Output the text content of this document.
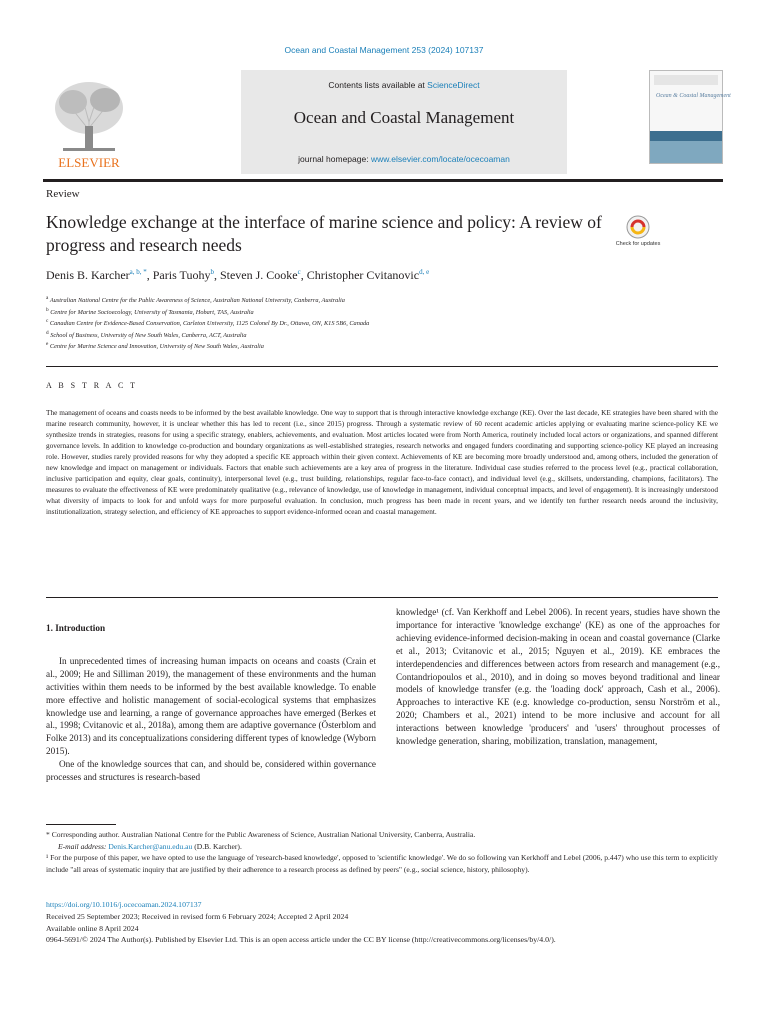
Ocean and Coastal Management 253 (2024) 107137
ELSEVIER
Contents lists available at ScienceDirect
Ocean and Coastal Management
journal homepage: www.elsevier.com/locate/ocecoaman
Ocean & Coastal Management
Review
Knowledge exchange at the interface of marine science and policy: A review of progress and research needs	Check for updates
Denis B. Karcher$^{a, b, *}$, Paris Tuohy$^b$, Steven J. Cooke$^c$, Christopher Cvitanovic$^{d, e}$
$^a$ Australian National Centre for the Public Awareness of Science, Australian National University, Canberra, Australia
$^b$ Centre for Marine Socioecology, University of Tasmania, Hobart, TAS, Australia
$^c$ Canadian Centre for Evidence-Based Conservation, Carleton University, 1125 Colonel By Dr., Ottawa, ON, K1S 5B6, Canada
$^d$ School of Business, University of New South Wales, Canberra, ACT, Australia
$^e$ Centre for Marine Science and Innovation, University of New South Wales, Australia
A B S T R A C T
The management of oceans and coasts needs to be informed by the best available knowledge. One way to support that is through interactive knowledge exchange (KE). Over the last decade, KE strategies have been shared with the marine research community, however, it is unclear whether this has led to recent (i.e., since 2015) progress. Through a systematic review of 60 recent academic articles applying or evaluating marine science-policy KE we synthesize trends in strategies, reasons for using a specific strategy, enablers, achievements, and evaluation. Most articles located were from North America, routinely included local actors or organizations, and spanned different governance levels. In addition to knowledge co-production and boundary organizations as well-established strategies, research networks and engaged funders coordinating and supporting science-policy KE played an increasing role. However, studies rarely provided reasons for why they adopted a specific KE approach within their given context. Achievements of KE are becoming more broadly understood and, among others, included the generation of new knowledge and impact on management or individuals. Factors that enable such achievements are a key area of progress in the literature. Individual case studies referred to the process level (e.g., practical collaboration, inclusive participation and equity, clear goals, continuity), interpersonal level (e.g., trust building, relationships, regular face-to-face contact), and individual level (e.g., skillsets, understanding, champions, facilitators). The measures to evaluate the effectiveness of KE were predominately qualitative (e.g., relevance of knowledge, use of knowledge in management, individual conceptual impacts, and level of engagement). It is increasingly understood what diversity of impacts to look for and unfold ways for more purposeful evaluation. In conclusion, much progress has been made in recent years, and we identify ten further research needs around the inclusivity, institutionalization, strategy selection, and efficiency of KE approaches to support evidence-informed ocean and coastal management.
1. Introduction

In unprecedented times of increasing human impacts on oceans and coasts (Crain et al., 2009; He and Silliman 2019), the management of these environments and the human activities within them needs to be informed by the best available knowledge. To enable more effective and holistic management of social-ecological systems that emphasizes knowledge use and learning, a range of governance approaches have emerged (Berkes et al., 1998; Cvitanovic et al., 2018a), among them are adaptive governance (Österblom and Folke 2013) and its conceptualizations considering different types of knowledge (Wyborn 2015).

One of the knowledge sources that can, and should be, considered within governance processes and structures is research-based

knowledge¹ (cf. Van Kerkhoff and Lebel 2006). In recent years, studies have shown the importance for interactive 'knowledge exchange' (KE) as one of the approaches for achieving evidence-informed decision-making in ocean and coastal governance (Clarke et al., 2013; Cvitanovic et al., 2015; Nguyen et al., 2019). KE embraces the interdependencies and differences between actors from research and management (e.g., Contandriopoulos et al., 2010), and in doing so moves beyond traditional and linear models of knowledge transfer (e.g. the 'loading dock' approach, Cash et al., 2006). Approaches to interactive KE (e.g. knowledge co-production, sensu Norström et al., 2020; Chambers et al., 2021) intend to be more inclusive and account for all interactions between knowledge 'producers' and 'users' throughout processes of knowledge generation, sharing, mobilization, translation, management,

* Corresponding author. Australian National Centre for the Public Awareness of Science, Australian National University, Canberra, Australia.

E-mail address: Denis.Karcher@anu.edu.au (D.B. Karcher).

¹ For the purpose of this paper, we have opted to use the language of 'research-based knowledge', opposed to 'scientific knowledge'. We do so following van Kerkhoff and Lebel (2006, p.447) who use this term to explicitly include "all areas of systematic inquiry that are justified by their adherence to a research process as defined by peers" (e.g., social science, history, philosophy).

https://doi.org/10.1016/j.ocecoaman.2024.107137

Received 25 September 2023; Received in revised form 6 February 2024; Accepted 2 April 2024

Available online 8 April 2024

0964-5691/© 2024 The Author(s). Published by Elsevier Ltd. This is an open access article under the CC BY license (http://creativecommons.org/licenses/by/4.0/).
